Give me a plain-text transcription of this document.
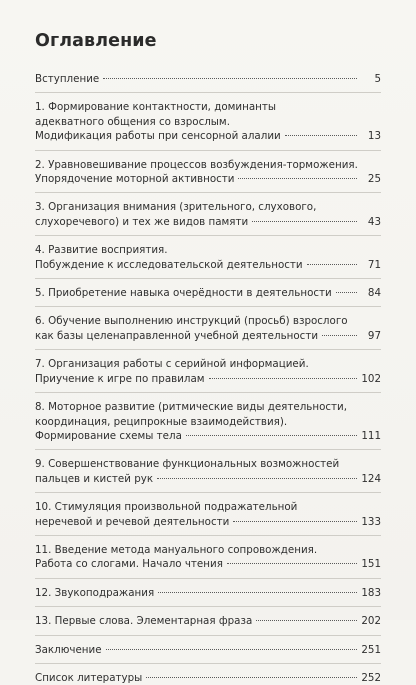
Оглавление
Вступление	5
1. Формирование контактности, доминанты
адекватного общения со взрослым.
Модификация работы при сенсорной алалии	13
2. Уравновешивание процессов возбуждения-торможения.
Упорядочение моторной активности	25
3. Организация внимания (зрительного, слухового,
слухоречевого) и тех же видов памяти	43
4. Развитие восприятия.
Побуждение к исследовательской деятельности	71
5. Приобретение навыка очерёдности в деятельности	84
6. Обучение выполнению инструкций (просьб) взрослого
как базы целенаправленной учебной деятельности	97
7. Организация работы с серийной информацией.
Приучение к игре по правилам	102
8. Моторное развитие (ритмические виды деятельности,
координация, реципрокные взаимодействия).
Формирование схемы тела	111
9. Совершенствование функциональных возможностей
пальцев и кистей рук	124
10. Стимуляция произвольной подражательной
неречевой и речевой деятельности	133
11. Введение метода мануального сопровождения.
Работа со слогами. Начало чтения	151
12. Звукоподражания	183
13. Первые слова. Элементарная фраза	202
Заключение	251
Список литературы	252
